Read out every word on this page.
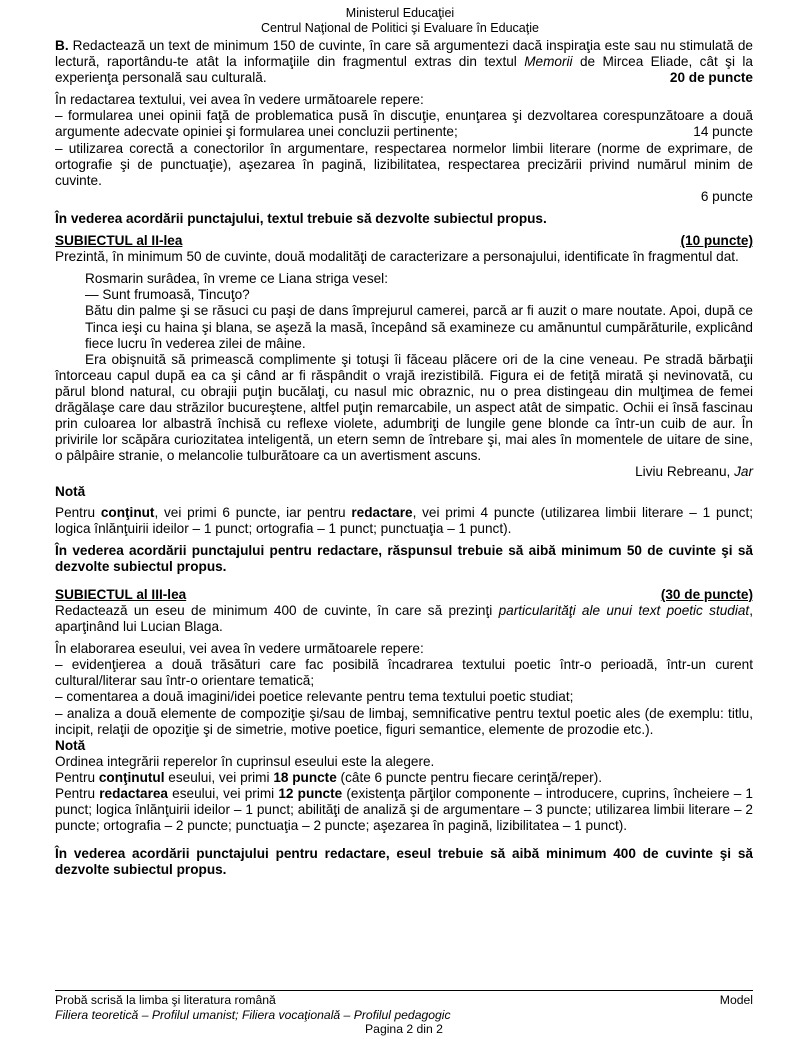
Ministerul Educaţiei
Centrul Naţional de Politici şi Evaluare în Educaţie

B. Redactează un text de minimum 150 de cuvinte, în care să argumentezi dacă inspiraţia este sau nu stimulată de lectură, raportându-te atât la informaţiile din fragmentul extras din textul Memorii de Mircea Eliade, cât şi la experienţa personală sau culturală.	20 de puncte

În redactarea textului, vei avea în vedere următoarele repere:

– formularea unei opinii faţă de problematica pusă în discuţie, enunţarea şi dezvoltarea corespunzătoare a două argumente adecvate opiniei şi formularea unei concluzii pertinente;	14 puncte

– utilizarea corectă a conectorilor în argumentare, respectarea normelor limbii literare (norme de exprimare, de ortografie şi de punctuaţie), aşezarea în pagină, lizibilitatea, respectarea precizării privind numărul minim de cuvinte.

6 puncte

În vederea acordării punctajului, textul trebuie să dezvolte subiectul propus.

SUBIECTUL al II-lea	(10 puncte)

Prezintă, în minimum 50 de cuvinte, două modalităţi de caracterizare a personajului, identificate în fragmentul dat.

Rosmarin surâdea, în vreme ce Liana striga vesel:

— Sunt frumoasă, Tincuţo?

Bătu din palme şi se răsuci cu paşi de dans împrejurul camerei, parcă ar fi auzit o mare noutate. Apoi, după ce Tinca ieşi cu haina şi blana, se aşeză la masă, începând să examineze cu amănuntul cumpărăturile, explicând fiece lucru în vederea zilei de mâine.

Era obişnuită să primească complimente şi totuşi îi făceau plăcere ori de la cine veneau. Pe stradă bărbaţii întorceau capul după ea ca şi când ar fi răspândit o vrajă irezistibilă. Figura ei de fetiţă mirată şi nevinovată, cu părul blond natural, cu obrajii puţin bucălaţi, cu nasul mic obraznic, nu o prea distingeau din mulţimea de femei drăgălaşe care dau străzilor bucureştene, altfel puţin remarcabile, un aspect atât de simpatic. Ochii ei însă fascinau prin culoarea lor albastră închisă cu reflexe violete, adumbriţi de lungile gene blonde ca într-un cuib de aur. În privirile lor scăpăra curiozitatea inteligentă, un etern semn de întrebare şi, mai ales în momentele de uitare de sine, o pâlpâire stranie, o melancolie tulburătoare ca un avertisment ascuns.

Liviu Rebreanu, Jar

Notă

Pentru conţinut, vei primi 6 puncte, iar pentru redactare, vei primi 4 puncte (utilizarea limbii literare – 1 punct; logica înlănţuirii ideilor – 1 punct; ortografia – 1 punct; punctuaţia – 1 punct).

În vederea acordării punctajului pentru redactare, răspunsul trebuie să aibă minimum 50 de cuvinte şi să dezvolte subiectul propus.

SUBIECTUL al III-lea	(30 de puncte)

Redactează un eseu de minimum 400 de cuvinte, în care să prezinţi particularităţi ale unui text poetic studiat, aparţinând lui Lucian Blaga.

În elaborarea eseului, vei avea în vedere următoarele repere:

– evidenţierea a două trăsături care fac posibilă încadrarea textului poetic într-o perioadă, într-un curent cultural/literar sau într-o orientare tematică;

– comentarea a două imagini/idei poetice relevante pentru tema textului poetic studiat;

– analiza a două elemente de compoziţie şi/sau de limbaj, semnificative pentru textul poetic ales (de exemplu: titlu, incipit, relaţii de opoziţie şi de simetrie, motive poetice, figuri semantice, elemente de prozodie etc.).

Notă

Ordinea integrării reperelor în cuprinsul eseului este la alegere.

Pentru conţinutul eseului, vei primi 18 puncte (câte 6 puncte pentru fiecare cerinţă/reper).

Pentru redactarea eseului, vei primi 12 puncte (existenţa părţilor componente – introducere, cuprins, încheiere – 1 punct; logica înlănţuirii ideilor – 1 punct; abilităţi de analiză şi de argumentare – 3 puncte; utilizarea limbii literare – 2 puncte; ortografia – 2 puncte; punctuaţia – 2 puncte; aşezarea în pagină, lizibilitatea – 1 punct).

În vederea acordării punctajului pentru redactare, eseul trebuie să aibă minimum 400 de cuvinte şi să dezvolte subiectul propus.

Probă scrisă la limba şi literatura română	Model
Filiera teoretică – Profilul umanist; Filiera vocaţională – Profilul pedagogic
Pagina 2 din 2
